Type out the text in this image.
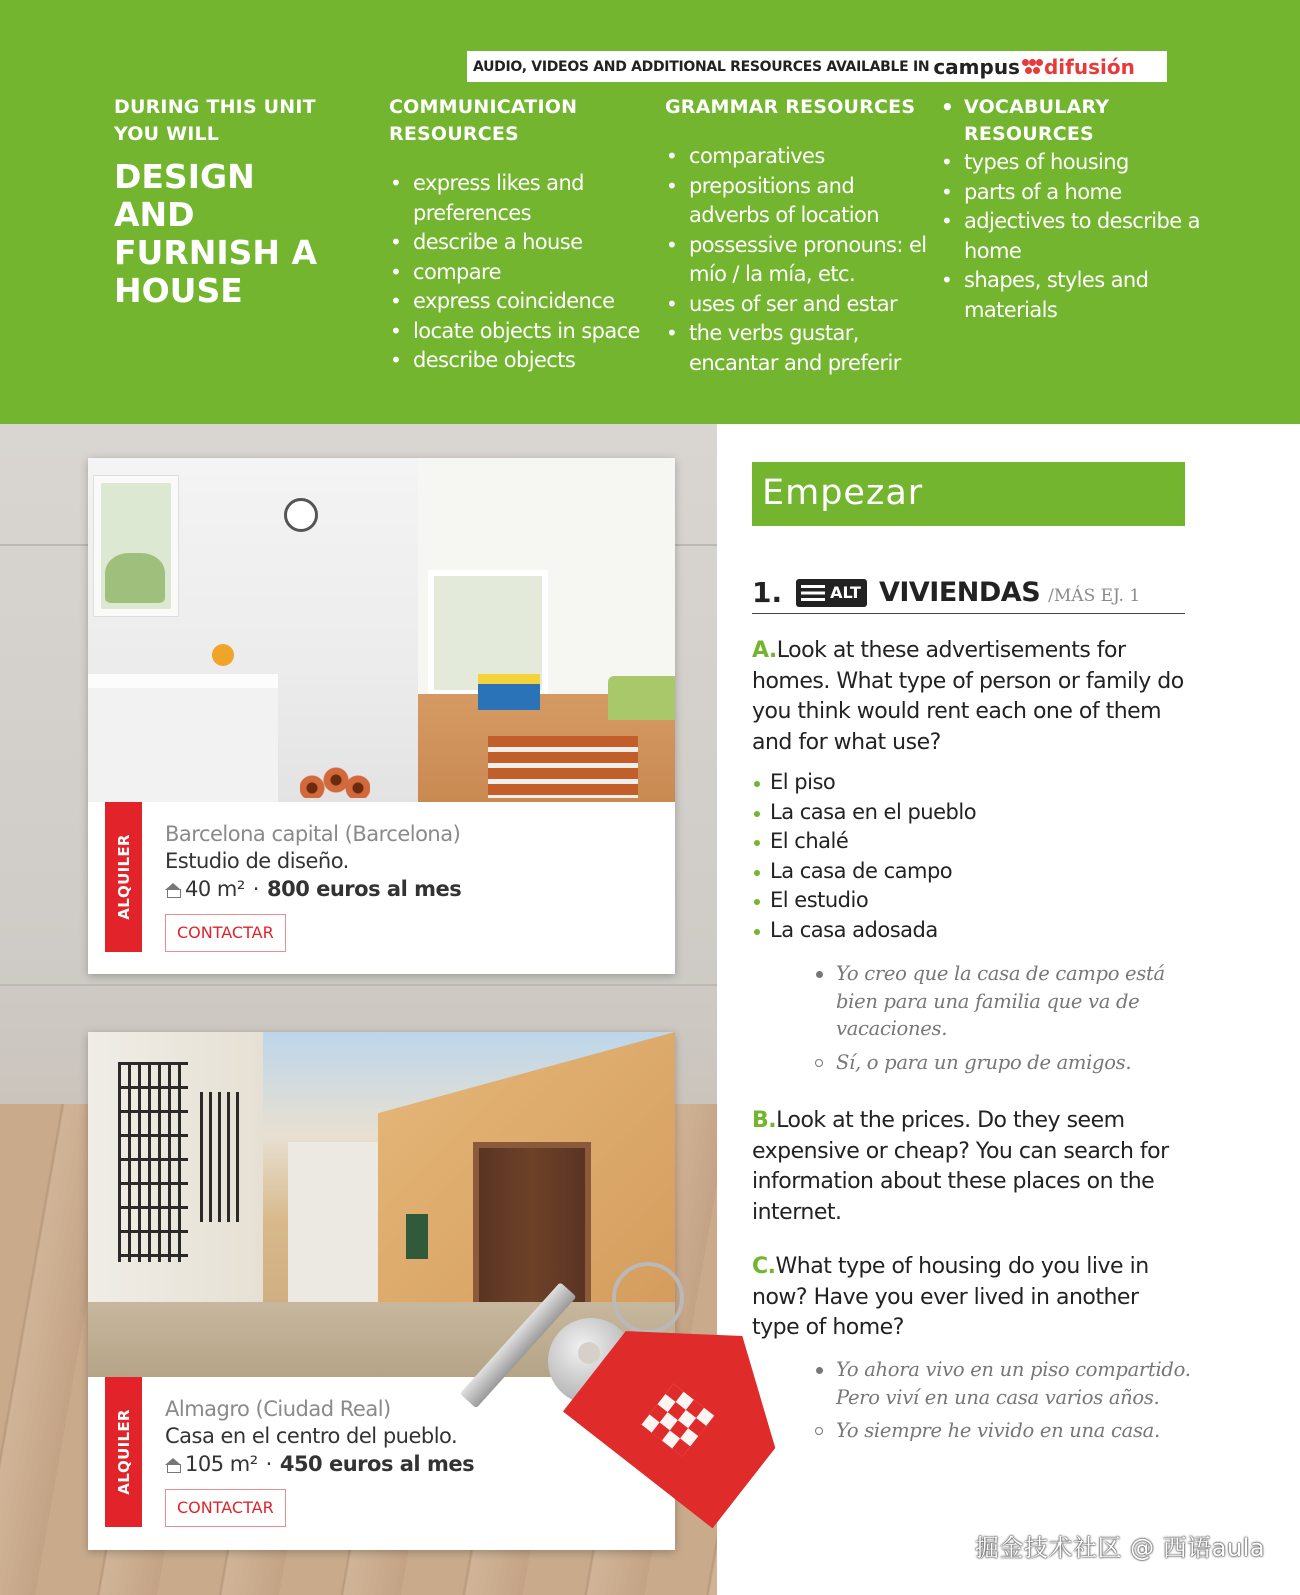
AUDIO, VIDEOS AND ADDITIONAL RESOURCES AVAILABLE IN campus difusión
DURING THIS UNIT YOU WILL
DESIGN AND FURNISH A HOUSE
COMMUNICATION RESOURCES
• express likes and preferences
• describe a house
• compare
• express coincidence
• locate objects in space
• describe objects
GRAMMAR RESOURCES
• comparatives
• prepositions and adverbs of location
• possessive pronouns: el mío / la mía, etc.
• uses of ser and estar
• the verbs gustar, encantar and preferir
• VOCABULARY RESOURCES
• types of housing
• parts of a home
• adjectives to describe a home
• shapes, styles and materials
ALQUILER
Barcelona capital (Barcelona)
Estudio de diseño.
40 m² · 800 euros al mes
CONTACTAR
ALQUILER
Almagro (Ciudad Real)
Casa en el centro del pueblo.
105 m² · 450 euros al mes
CONTACTAR
Empezar
1.	ALT VIVIENDAS /MÁS EJ. 1
A.Look at these advertisements for homes. What type of person or family do you think would rent each one of them and for what use?
El piso
La casa en el pueblo
El chalé
La casa de campo
El estudio
La casa adosada
Yo creo que la casa de campo está bien para una familia que va de vacaciones.
Sí, o para un grupo de amigos.
B.Look at the prices. Do they seem expensive or cheap? You can search for information about these places on the internet.
C.What type of housing do you live in now? Have you ever lived in another type of home?
Yo ahora vivo en un piso compartido. Pero viví en una casa varios años.
Yo siempre he vivido en una casa.
掘金技术社区 @ 西语aula
